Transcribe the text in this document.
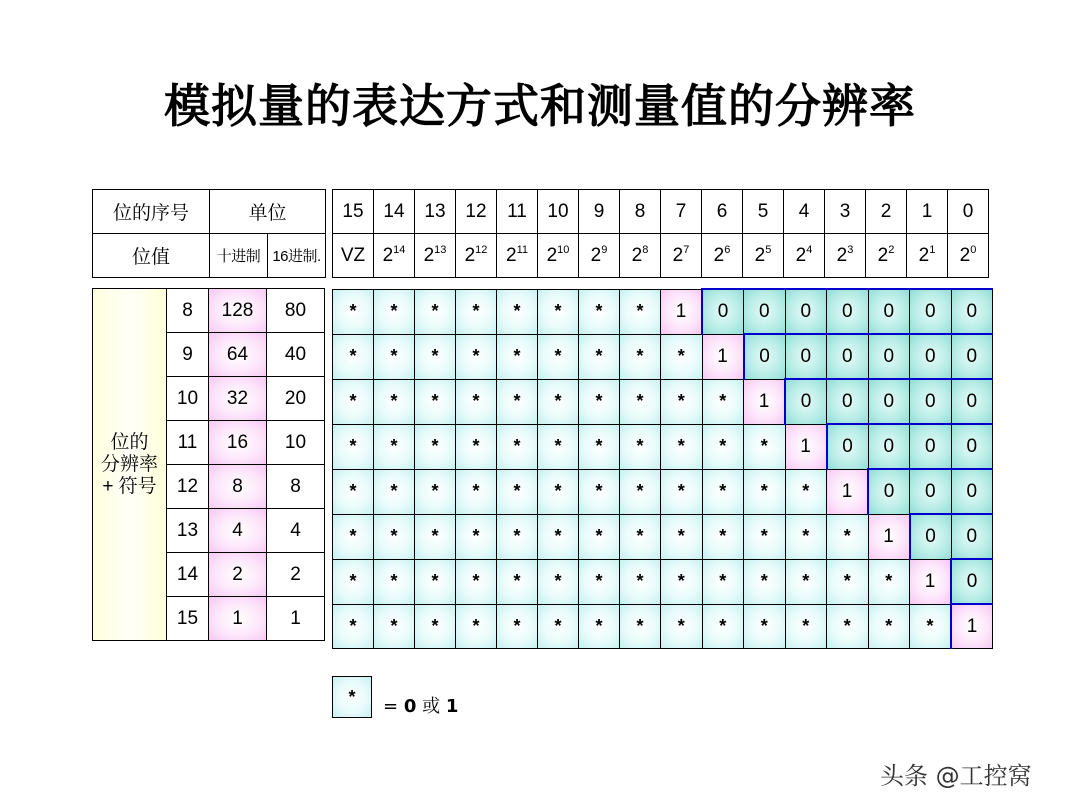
模拟量的表达方式和测量值的分辨率
位的序号	单位	
位值	十进制	16进制.
15	14	13	12	11	10	9	8	7	6	5	4	3	2	1	0
VZ	$2^{14}$	$2^{13}$	$2^{12}$	$2^{11}$	$2^{10}$	$2^9$	$2^8$	$2^7$	$2^6$	$2^5$	$2^4$	$2^3$	$2^2$	$2^1$	$2^0$
位的
分辨率
+ 符号	8	128	80
	9	64	40
	10	32	20
	11	16	10
	12	8	8
	13	4	4
	14	2	2
	15	1	1
*	*	*	*	*	*	*	*	1	0	0	0	0	0	0	0
*	*	*	*	*	*	*	*	*	1	0	0	0	0	0	0
*	*	*	*	*	*	*	*	*	*	1	0	0	0	0	0
*	*	*	*	*	*	*	*	*	*	*	1	0	0	0	0
*	*	*	*	*	*	*	*	*	*	*	*	1	0	0	0
*	*	*	*	*	*	*	*	*	*	*	*	*	1	0	0
*	*	*	*	*	*	*	*	*	*	*	*	*	*	1	0
*	*	*	*	*	*	*	*	*	*	*	*	*	*	*	1
*	= 0 或 1
头条 @工控窝
